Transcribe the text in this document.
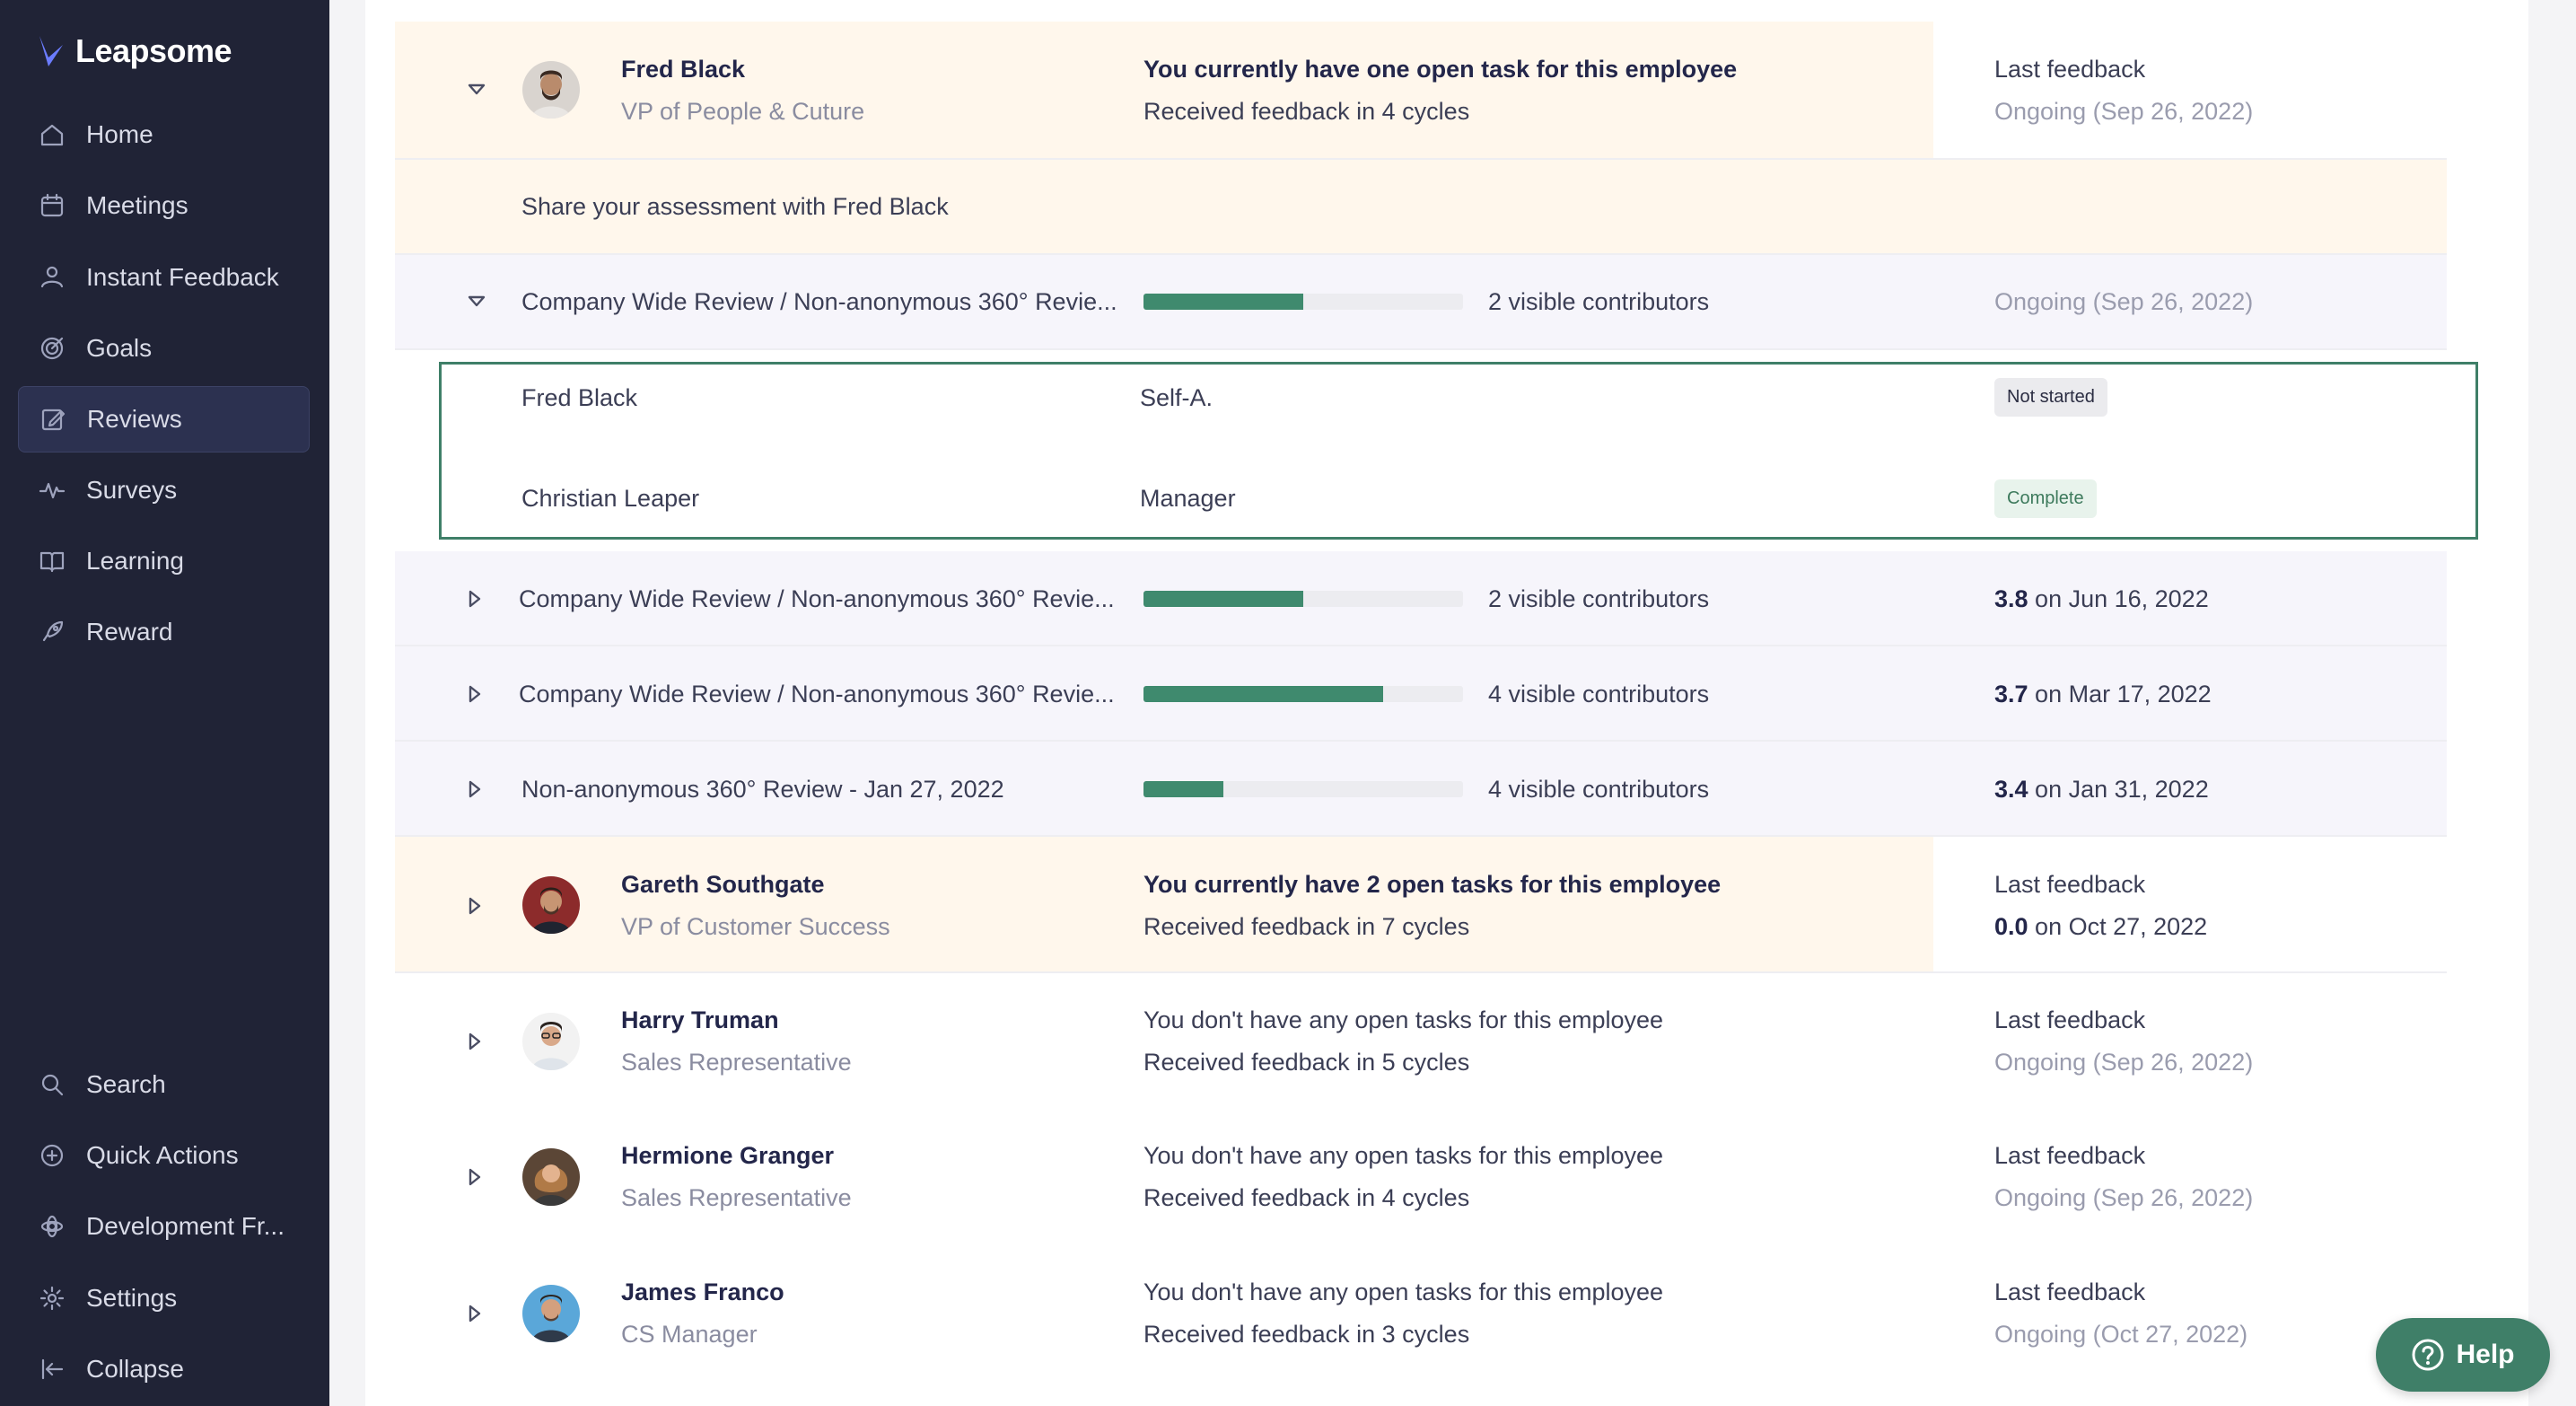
Leapsome
Home
Meetings
Instant Feedback
Goals
Reviews
Surveys
Learning
Reward
Search
Quick Actions
Development Fr...
Settings
Collapse
Fred Black
VP of People & Cuture
You currently have one open task for this employee
Received feedback in 4 cycles
Last feedback
Ongoing (Sep 26, 2022)
Share your assessment with Fred Black
Company Wide Review / Non-anonymous 360° Revie...	2 visible contributors	Ongoing (Sep 26, 2022)
Fred Black	Self-A.	Not started
Christian Leaper	Manager	Complete
Company Wide Review / Non-anonymous 360° Revie...	2 visible contributors	3.8 on Jun 16, 2022
Company Wide Review / Non-anonymous 360° Revie...	4 visible contributors	3.7 on Mar 17, 2022
Non-anonymous 360° Review - Jan 27, 2022	4 visible contributors	3.4 on Jan 31, 2022
Gareth Southgate
VP of Customer Success
You currently have 2 open tasks for this employee
Received feedback in 7 cycles
Last feedback
0.0 on Oct 27, 2022
Harry Truman
Sales Representative
You don't have any open tasks for this employee
Received feedback in 5 cycles
Last feedback
Ongoing (Sep 26, 2022)
Hermione Granger
Sales Representative
You don't have any open tasks for this employee
Received feedback in 4 cycles
Last feedback
Ongoing (Sep 26, 2022)
James Franco
CS Manager
You don't have any open tasks for this employee
Received feedback in 3 cycles
Last feedback
Ongoing (Oct 27, 2022)
Help
